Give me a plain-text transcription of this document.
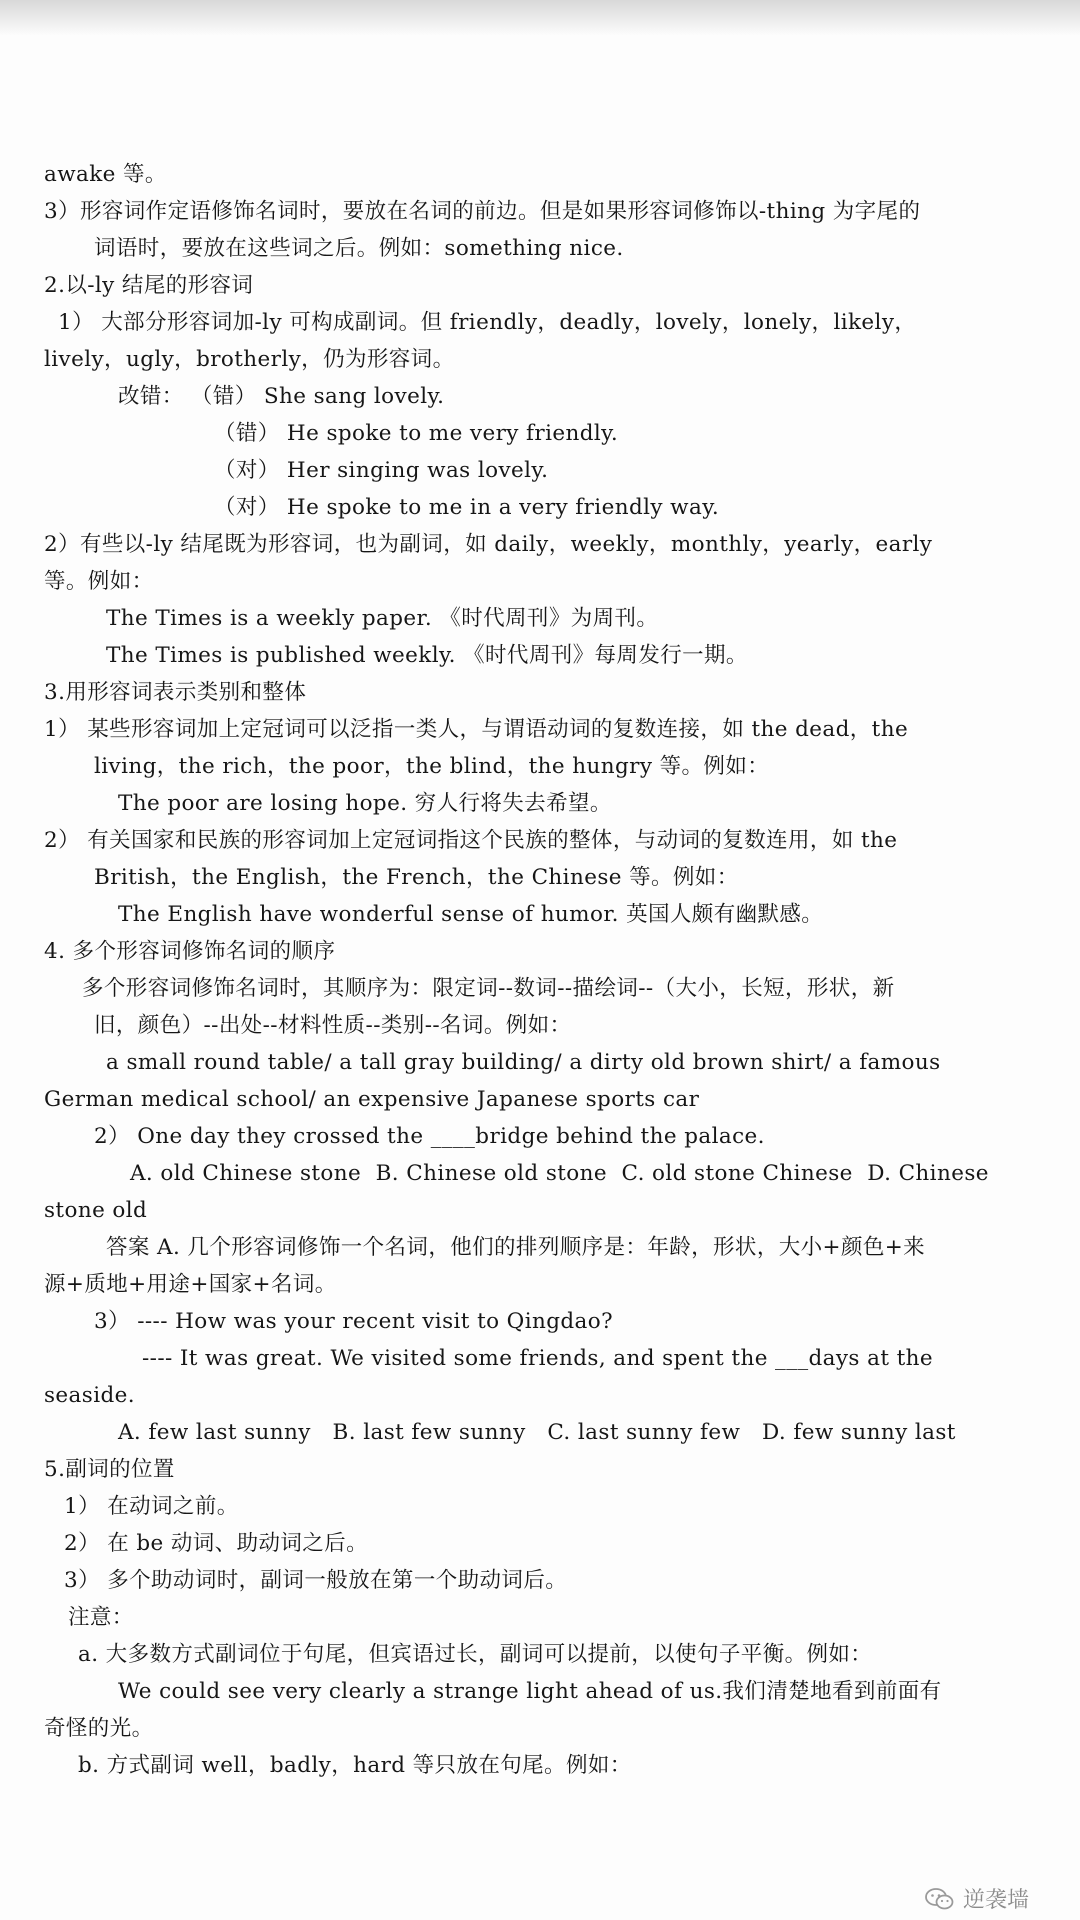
awake 等。
3）形容词作定语修饰名词时，要放在名词的前边。但是如果形容词修饰以-thing 为字尾的
词语时，要放在这些词之后。例如：something nice.
2.以-ly 结尾的形容词
1） 大部分形容词加-ly 可构成副词。但 friendly，deadly，lovely，lonely，likely，
lively，ugly，brotherly，仍为形容词。
改错： （错） She sang lovely.
（错） He spoke to me very friendly.
（对） Her singing was lovely.
（对） He spoke to me in a very friendly way.
2）有些以-ly 结尾既为形容词，也为副词，如 daily，weekly，monthly，yearly，early
等。例如：
The Times is a weekly paper. 《时代周刊》为周刊。
The Times is published weekly. 《时代周刊》每周发行一期。
3.用形容词表示类别和整体
1） 某些形容词加上定冠词可以泛指一类人，与谓语动词的复数连接，如 the dead，the
living，the rich，the poor，the blind，the hungry 等。例如：
The poor are losing hope. 穷人行将失去希望。
2） 有关国家和民族的形容词加上定冠词指这个民族的整体，与动词的复数连用，如 the
British，the English，the French，the Chinese 等。例如：
The English have wonderful sense of humor. 英国人颇有幽默感。
4. 多个形容词修饰名词的顺序
多个形容词修饰名词时，其顺序为：限定词--数词--描绘词--（大小，长短，形状，新
旧，颜色）--出处--材料性质--类别--名词。例如：
a small round table/ a tall gray building/ a dirty old brown shirt/ a famous
German medical school/ an expensive Japanese sports car
2） One day they crossed the ____bridge behind the palace.
A. old Chinese stone  B. Chinese old stone  C. old stone Chinese  D. Chinese
stone old
答案 A. 几个形容词修饰一个名词，他们的排列顺序是：年龄，形状，大小+颜色+来
源+质地+用途+国家+名词。
3） ---- How was your recent visit to Qingdao?
---- It was great. We visited some friends, and spent the ___days at the
seaside.
A. few last sunny   B. last few sunny   C. last sunny few   D. few sunny last
5.副词的位置
1） 在动词之前。
2） 在 be 动词、助动词之后。
3） 多个助动词时，副词一般放在第一个助动词后。
注意：
a. 大多数方式副词位于句尾，但宾语过长，副词可以提前，以使句子平衡。例如：
We could see very clearly a strange light ahead of us.我们清楚地看到前面有
奇怪的光。
b. 方式副词 well，badly，hard 等只放在句尾。例如：
逆袭墙
